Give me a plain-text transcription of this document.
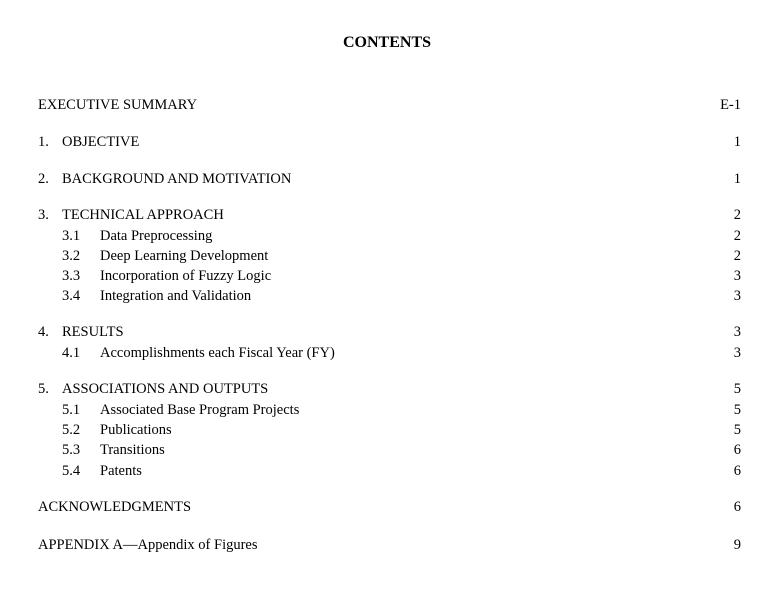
CONTENTS
EXECUTIVE SUMMARY	E-1
1. OBJECTIVE	1
2. BACKGROUND AND MOTIVATION	1
3. TECHNICAL APPROACH	2
3.1	Data Preprocessing	2
3.2	Deep Learning Development	2
3.3	Incorporation of Fuzzy Logic	3
3.4	Integration and Validation	3
4. RESULTS	3
4.1	Accomplishments each Fiscal Year (FY)	3
5. ASSOCIATIONS AND OUTPUTS	5
5.1	Associated Base Program Projects	5
5.2	Publications	5
5.3	Transitions	6
5.4	Patents	6
ACKNOWLEDGMENTS	6
APPENDIX A—Appendix of Figures	9
